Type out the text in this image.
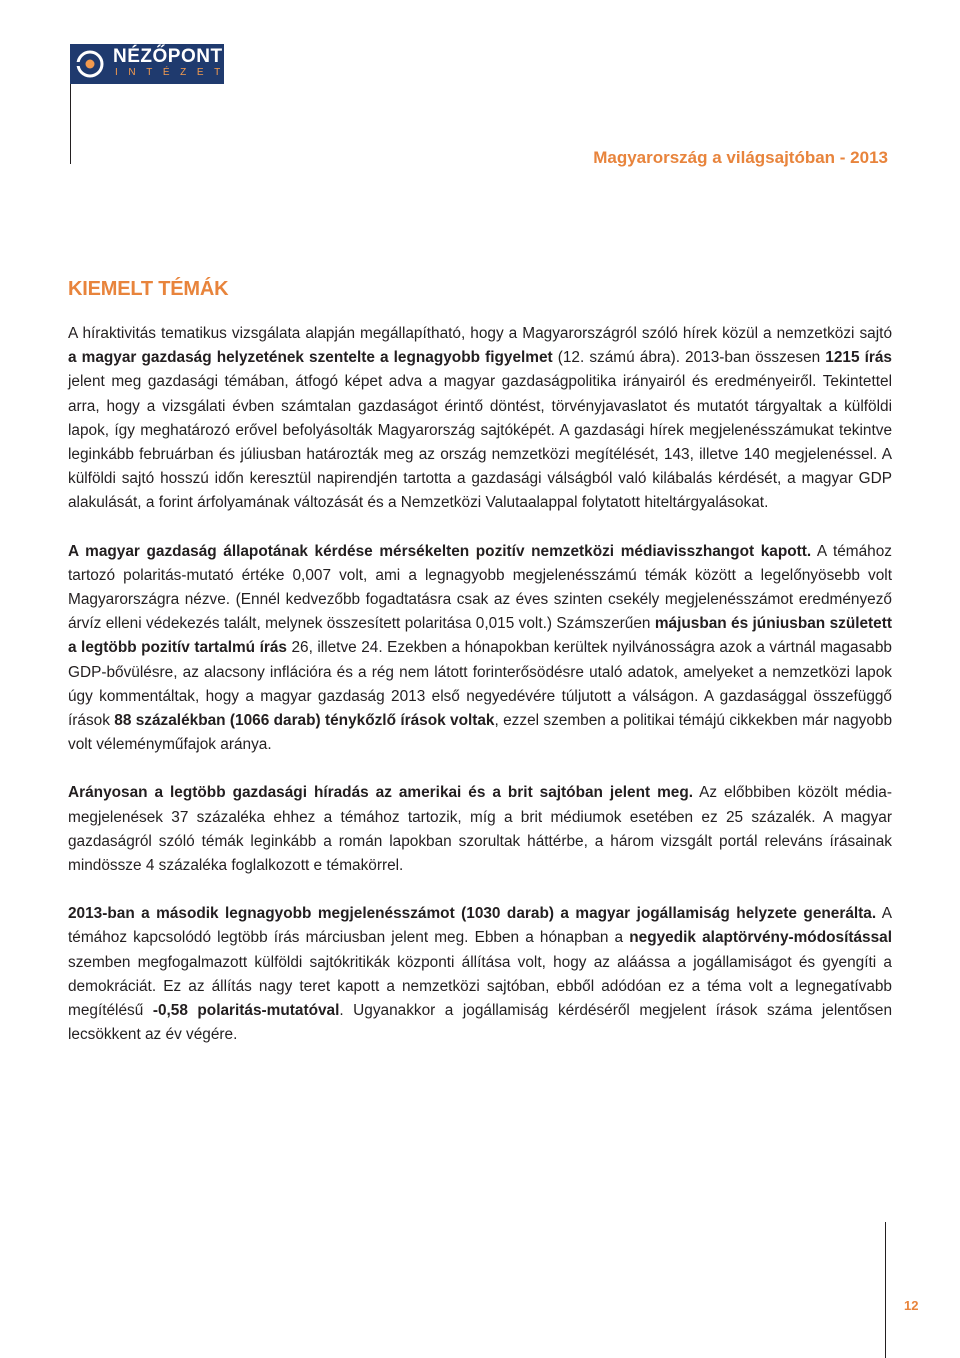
NÉZŐPONT
INTÉZET
Magyarország a világsajtóban - 2013
KIEMELT TÉMÁK

A híraktivitás tematikus vizsgálata alapján megállapítható, hogy a Magyarországról szóló hírek közül a nemzetközi sajtó a magyar gazdaság helyzetének szentelte a legnagyobb figyelmet (12. számú ábra). 2013-ban összesen 1215 írás jelent meg gazdasági témában, átfogó képet adva a magyar gazdaságpolitika irányairól és eredményeiről. Tekintettel arra, hogy a vizsgálati évben számtalan gazdaságot érintő döntést, törvényjavaslatot és mutatót tárgyaltak a külföldi lapok, így meghatározó erővel befolyásolták Magyarország sajtóképét. A gazdasági hírek megjelenésszámukat tekintve leginkább februárban és júliusban határozták meg az ország nemzetközi megítélését, 143, illetve 140 megjelenéssel. A külföldi sajtó hosszú időn keresztül napirendjén tartotta a gazdasági válságból való kilábalás kérdését, a magyar GDP alakulását, a forint árfolyamának változását és a Nemzetközi Valutaalappal folytatott hiteltárgyalásokat.

A magyar gazdaság állapotának kérdése mérsékelten pozitív nemzetközi médiavisszhangot kapott. A témához tartozó polaritás-mutató értéke 0,007 volt, ami a legnagyobb megjelenésszámú témák között a legelőnyösebb volt Magyarországra nézve. (Ennél kedvezőbb fogadtatásra csak az éves szinten csekély megjelenésszámot eredményező árvíz elleni védekezés talált, melynek összesített polaritása 0,015 volt.) Számszerűen májusban és júniusban született a legtöbb pozitív tartalmú írás 26, illetve 24. Ezekben a hónapokban kerültek nyilvánosságra azok a vártnál magasabb GDP-bővülésre, az alacsony inflációra és a rég nem látott forinterősödésre utaló adatok, amelyeket a nemzetközi lapok úgy kommentáltak, hogy a magyar gazdaság 2013 első negyedévére túljutott a válságon. A gazdasággal összefüggő írások 88 százalékban (1066 darab) ténykőzlő írások voltak, ezzel szemben a politikai témájú cikkekben már nagyobb volt véleményműfajok aránya.

Arányosan a legtöbb gazdasági híradás az amerikai és a brit sajtóban jelent meg. Az előbbiben közölt média-megjelenések 37 százaléka ehhez a témához tartozik, míg a brit médiumok esetében ez 25 százalék. A magyar gazdaságról szóló témák leginkább a román lapokban szorultak háttérbe, a három vizsgált portál releváns írásainak mindössze 4 százaléka foglalkozott e témakörrel.

2013-ban a második legnagyobb megjelenésszámot (1030 darab) a magyar jogállamiság helyzete generálta. A témához kapcsolódó legtöbb írás márciusban jelent meg. Ebben a hónapban a negyedik alaptörvény-módosítással szemben megfogalmazott külföldi sajtókritikák központi állítása volt, hogy az aláássa a jogállamiságot és gyengíti a demokráciát. Ez az állítás nagy teret kapott a nemzetközi sajtóban, ebből adódóan ez a téma volt a legnegatívabb megítélésű -0,58 polaritás-mutatóval. Ugyanakkor a jogállamiság kérdéséről megjelent írások száma jelentősen lecsökkent az év végére.

12
